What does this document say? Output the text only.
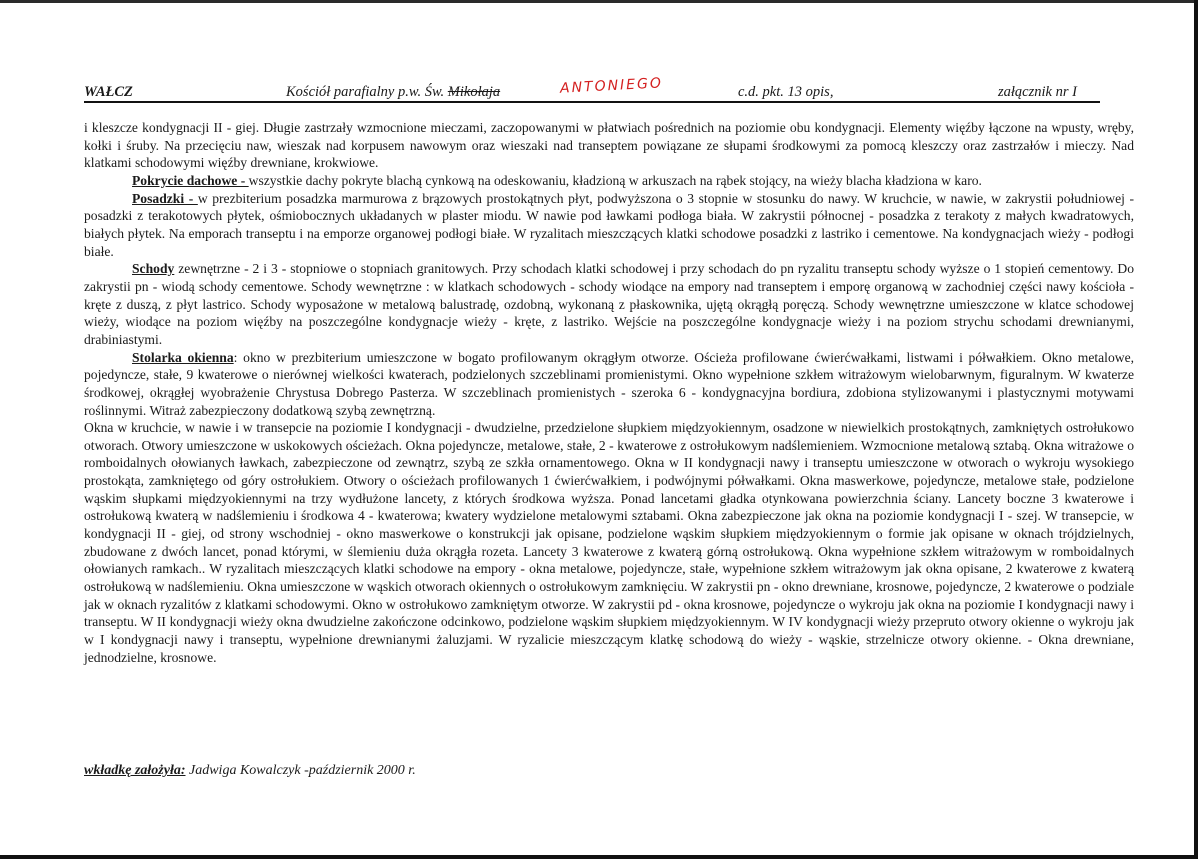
WAŁCZ	Kościół parafialny p.w. Św. Mikołaja	ANTONIEGO	c.d. pkt. 13 opis,	załącznik nr I

i kleszcze kondygnacji II - giej. Długie zastrzały wzmocnione mieczami, zaczopowanymi w płatwiach pośrednich na poziomie obu kondygnacji. Elementy więźby łączone na wpusty, wręby, kołki i śruby. Na przecięciu naw, wieszak nad korpusem nawowym oraz wieszaki nad transeptem powiązane ze słupami środkowymi za pomocą kleszczy oraz zastrzałów i mieczy. Nad klatkami schodowymi więźby drewniane, krokwiowe.

Pokrycie dachowe - wszystkie dachy pokryte blachą cynkową na odeskowaniu, kładzioną w arkuszach na rąbek stojący, na wieży blacha kładziona w karo.

Posadzki - w prezbiterium posadzka marmurowa z brązowych prostokątnych płyt, podwyższona o 3 stopnie w stosunku do nawy. W kruchcie, w nawie, w zakrystii południowej - posadzki z terakotowych płytek, ośmiobocznych układanych w plaster miodu. W nawie pod ławkami podłoga biała. W zakrystii północnej - posadzka z terakoty z małych kwadratowych, białych płytek. Na emporach transeptu i na emporze organowej podłogi białe. W ryzalitach mieszczących klatki schodowe posadzki z lastriko i cementowe. Na kondygnacjach wieży - podłogi białe.

Schody zewnętrzne - 2 i 3 - stopniowe o stopniach granitowych. Przy schodach klatki schodowej i przy schodach do pn ryzalitu transeptu schody wyższe o 1 stopień cementowy. Do zakrystii pn - wiodą schody cementowe. Schody wewnętrzne : w klatkach schodowych - schody wiodące na empory nad transeptem i emporę organową w zachodniej części nawy kościoła - kręte z duszą, z płyt lastrico. Schody wyposażone w metalową balustradę, ozdobną, wykonaną z płaskownika, ujętą okrągłą poręczą. Schody wewnętrzne umieszczone w klatce schodowej wieży, wiodące na poziom więźby na poszczególne kondygnacje wieży - kręte, z lastriko. Wejście na poszczególne kondygnacje wieży i na poziom strychu schodami drewnianymi, drabiniastymi.

Stolarka okienna: okno w prezbiterium umieszczone w bogato profilowanym okrągłym otworze. Ościeża profilowane ćwierćwałkami, listwami i półwałkiem. Okno metalowe, pojedyncze, stałe, 9 kwaterowe o nierównej wielkości kwaterach, podzielonych szczeblinami promienistymi. Okno wypełnione szkłem witrażowym wielobarwnym, figuralnym. W kwaterze środkowej, okrągłej wyobrażenie Chrystusa Dobrego Pasterza. W szczeblinach promienistych - szeroka 6 - kondygnacyjna bordiura, zdobiona stylizowanymi i plastycznymi motywami roślinnymi. Witraż zabezpieczony dodatkową szybą zewnętrzną.

Okna w kruchcie, w nawie i w transepcie na poziomie I kondygnacji - dwudzielne, przedzielone słupkiem międzyokiennym, osadzone w niewielkich prostokątnych, zamkniętych ostrołukowo otworach. Otwory umieszczone w uskokowych ościeżach. Okna pojedyncze, metalowe, stałe, 2 - kwaterowe z ostrołukowym nadślemieniem. Wzmocnione metalową sztabą. Okna witrażowe o romboidalnych ołowianych ławkach, zabezpieczone od zewnątrz, szybą ze szkła ornamentowego. Okna w II kondygnacji nawy i transeptu umieszczone w otworach o wykroju wysokiego prostokąta, zamkniętego od góry ostrołukiem. Otwory o ościeżach profilowanych 1 ćwierćwałkiem, i podwójnymi półwałkami. Okna maswerkowe, pojedyncze, metalowe stałe, podzielone wąskim słupkami międzyokiennymi na trzy wydłużone lancety, z których środkowa wyższa. Ponad lancetami gładka otynkowana powierzchnia ściany. Lancety boczne 3 kwaterowe i ostrołukową kwaterą w nadślemieniu i środkowa 4 - kwaterowa; kwatery wydzielone metalowymi sztabami. Okna zabezpieczone jak okna na poziomie kondygnacji I - szej. W transepcie, w kondygnacji II - giej, od strony wschodniej - okno maswerkowe o konstrukcji jak opisane, podzielone wąskim słupkiem międzyokiennym o formie jak opisane w oknach trójdzielnych, zbudowane z dwóch lancet, ponad którymi, w ślemieniu duża okrągła rozeta. Lancety 3 kwaterowe z kwaterą górną ostrołukową. Okna wypełnione szkłem witrażowym w romboidalnych ołowianych ramkach.. W ryzalitach mieszczących klatki schodowe na empory - okna metalowe, pojedyncze, stałe, wypełnione szkłem witrażowym jak okna opisane, 2 kwaterowe z kwaterą ostrołukową w nadślemieniu. Okna umieszczone w wąskich otworach okiennych o ostrołukowym zamknięciu. W zakrystii pn - okno drewniane, krosnowe, pojedyncze, 2 kwaterowe o podziale jak w oknach ryzalitów z klatkami schodowymi. Okno w ostrołukowo zamkniętym otworze. W zakrystii pd - okna krosnowe, pojedyncze o wykroju jak okna na poziomie I kondygnacji nawy i transeptu. W II kondygnacji wieży okna dwudzielne zakończone odcinkowo, podzielone wąskim słupkiem międzyokiennym. W IV kondygnacji wieży przepruto otwory okienne o wykroju jak w I kondygnacji nawy i transeptu, wypełnione drewnianymi żaluzjami. W ryzalicie mieszczącym klatkę schodową do wieży - wąskie, strzelnicze otwory okienne. - Okna drewniane, jednodzielne, krosnowe.

wkładkę założyła: Jadwiga Kowalczyk -październik 2000 r.
